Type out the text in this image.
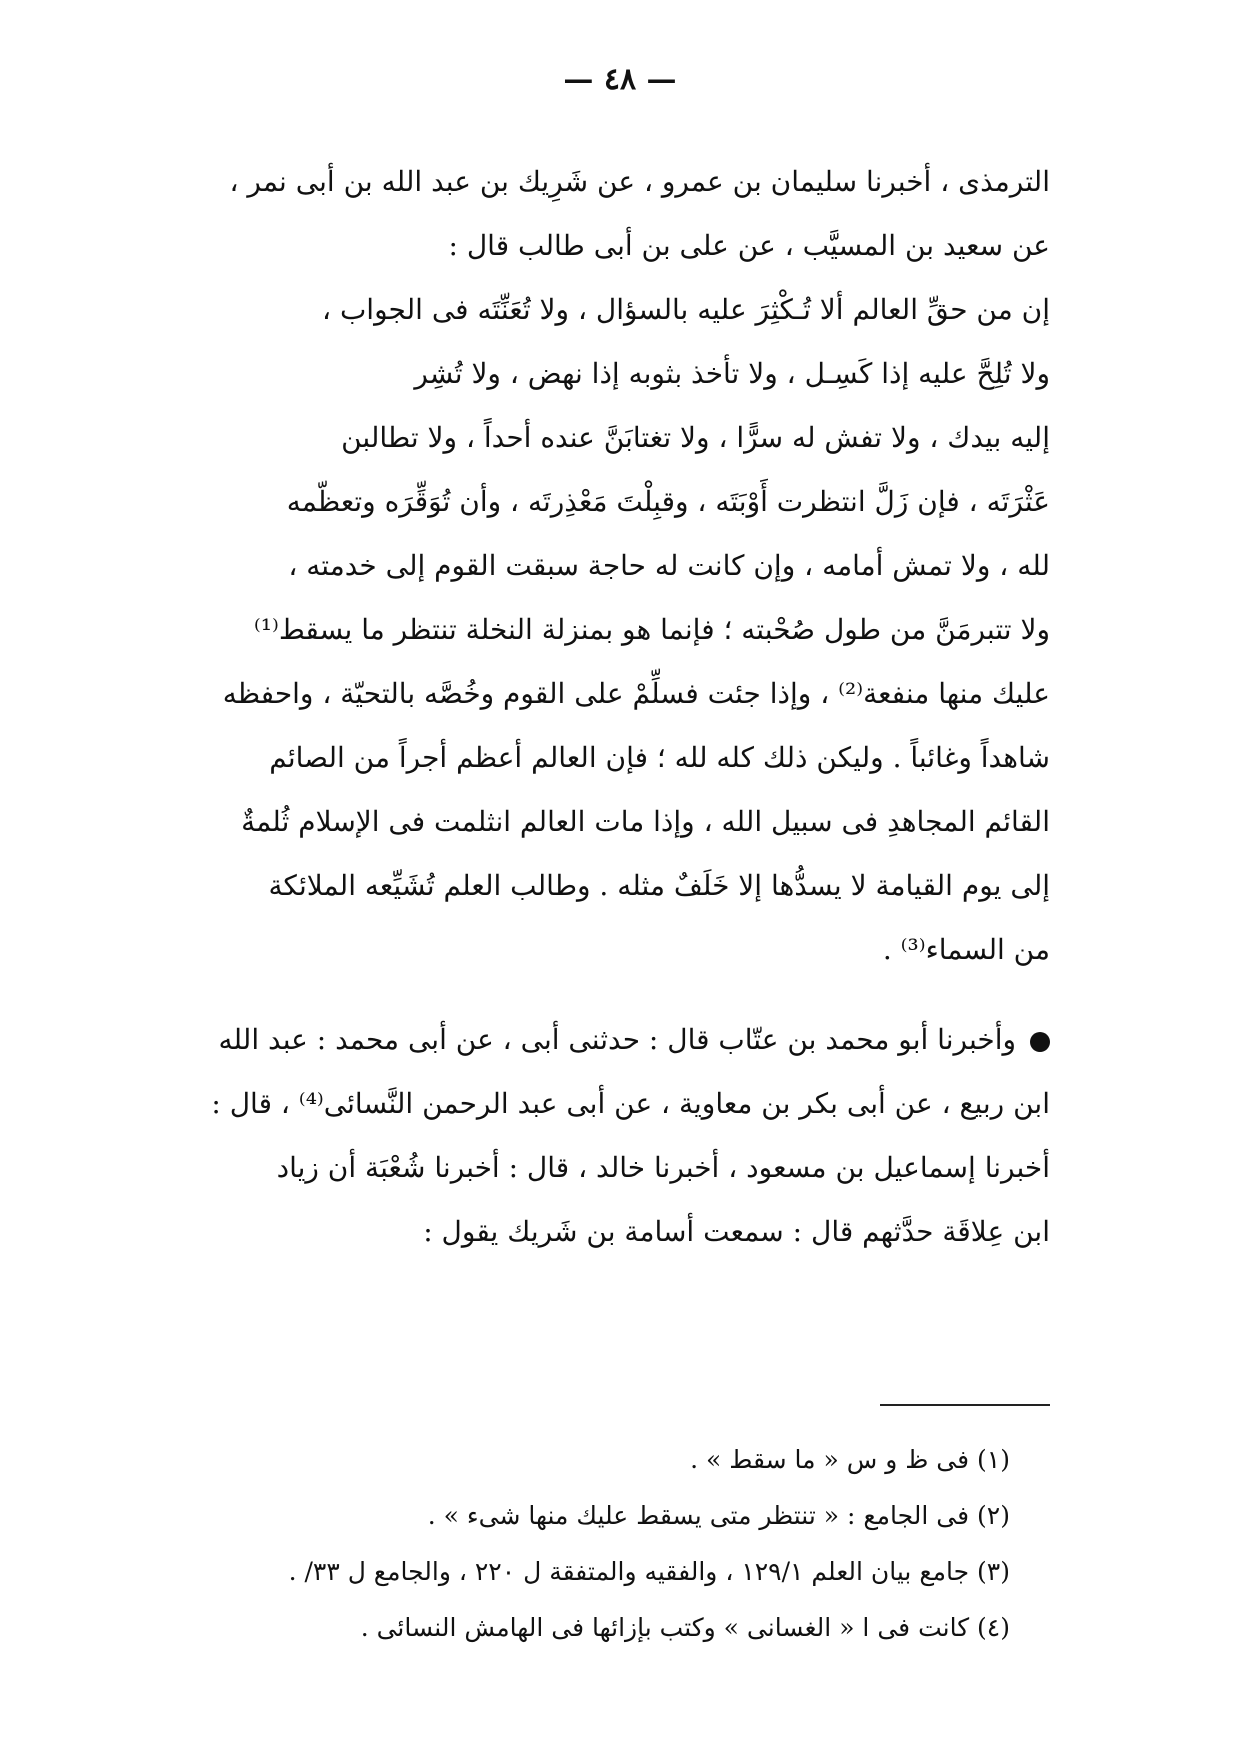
— ٤٨ —
الترمذى ، أخبرنا سليمان بن عمرو ، عن شَرِيك بن عبد الله بن أبى نمر ،
عن سعيد بن المسيَّب ، عن على بن أبى طالب قال :
إن من حقِّ العالم ألا تُـكْثِرَ عليه بالسؤال ، ولا تُعَنِّتَه فى الجواب ،
ولا تُلِحَّ عليه إذا كَسِـل ، ولا تأخذ بثوبه إذا نهض ، ولا تُشِر
إليه بيدك ، ولا تفش له سرًّا ، ولا تغتابَنَّ عنده أحداً ، ولا تطالبن
عَثْرَتَه ، فإن زَلَّ انتظرت أَوْبَتَه ، وقبِلْتَ مَعْذِرتَه ، وأن تُوَقِّرَه وتعظّمه
لله ، ولا تمش أمامه ، وإن كانت له حاجة سبقت القوم إلى خدمته ،
ولا تتبرمَنَّ من طول صُحْبته ؛ فإنما هو بمنزلة النخلة تنتظر ما يسقط⁽¹⁾
عليك منها منفعة⁽²⁾ ، وإذا جئت فسلِّمْ على القوم وخُصَّه بالتحيّة ، واحفظه
شاهداً وغائباً . وليكن ذلك كله لله ؛ فإن العالم أعظم أجراً من الصائم
القائم المجاهدِ فى سبيل الله ، وإذا مات العالم انثلمت فى الإسلام ثُلمةٌ
إلى يوم القيامة لا يسدُّها إلا خَلَفٌ مثله . وطالب العلم تُشَيِّعه الملائكة
من السماء⁽³⁾ .
وأخبرنا أبو محمد بن عتّاب قال : حدثنى أبى ، عن أبى محمد : عبد الله
ابن ربيع ، عن أبى بكر بن معاوية ، عن أبى عبد الرحمن النَّسائى⁽⁴⁾ ، قال :
أخبرنا إسماعيل بن مسعود ، أخبرنا خالد ، قال : أخبرنا شُعْبَة أن زياد
ابن عِلاقَة حدَّثهم قال : سمعت أسامة بن شَريك يقول :
(١) فى ظ و س « ما سقط » .
(٢) فى الجامع : « تنتظر متى يسقط عليك منها شىء » .
(٣) جامع بيان العلم ١٢٩/١ ، والفقيه والمتفقة ل ٢٢٠ ، والجامع ل ٣٣/ .
(٤) كانت فى ا « الغسانى » وكتب بإزائها فى الهامش النسائى .
